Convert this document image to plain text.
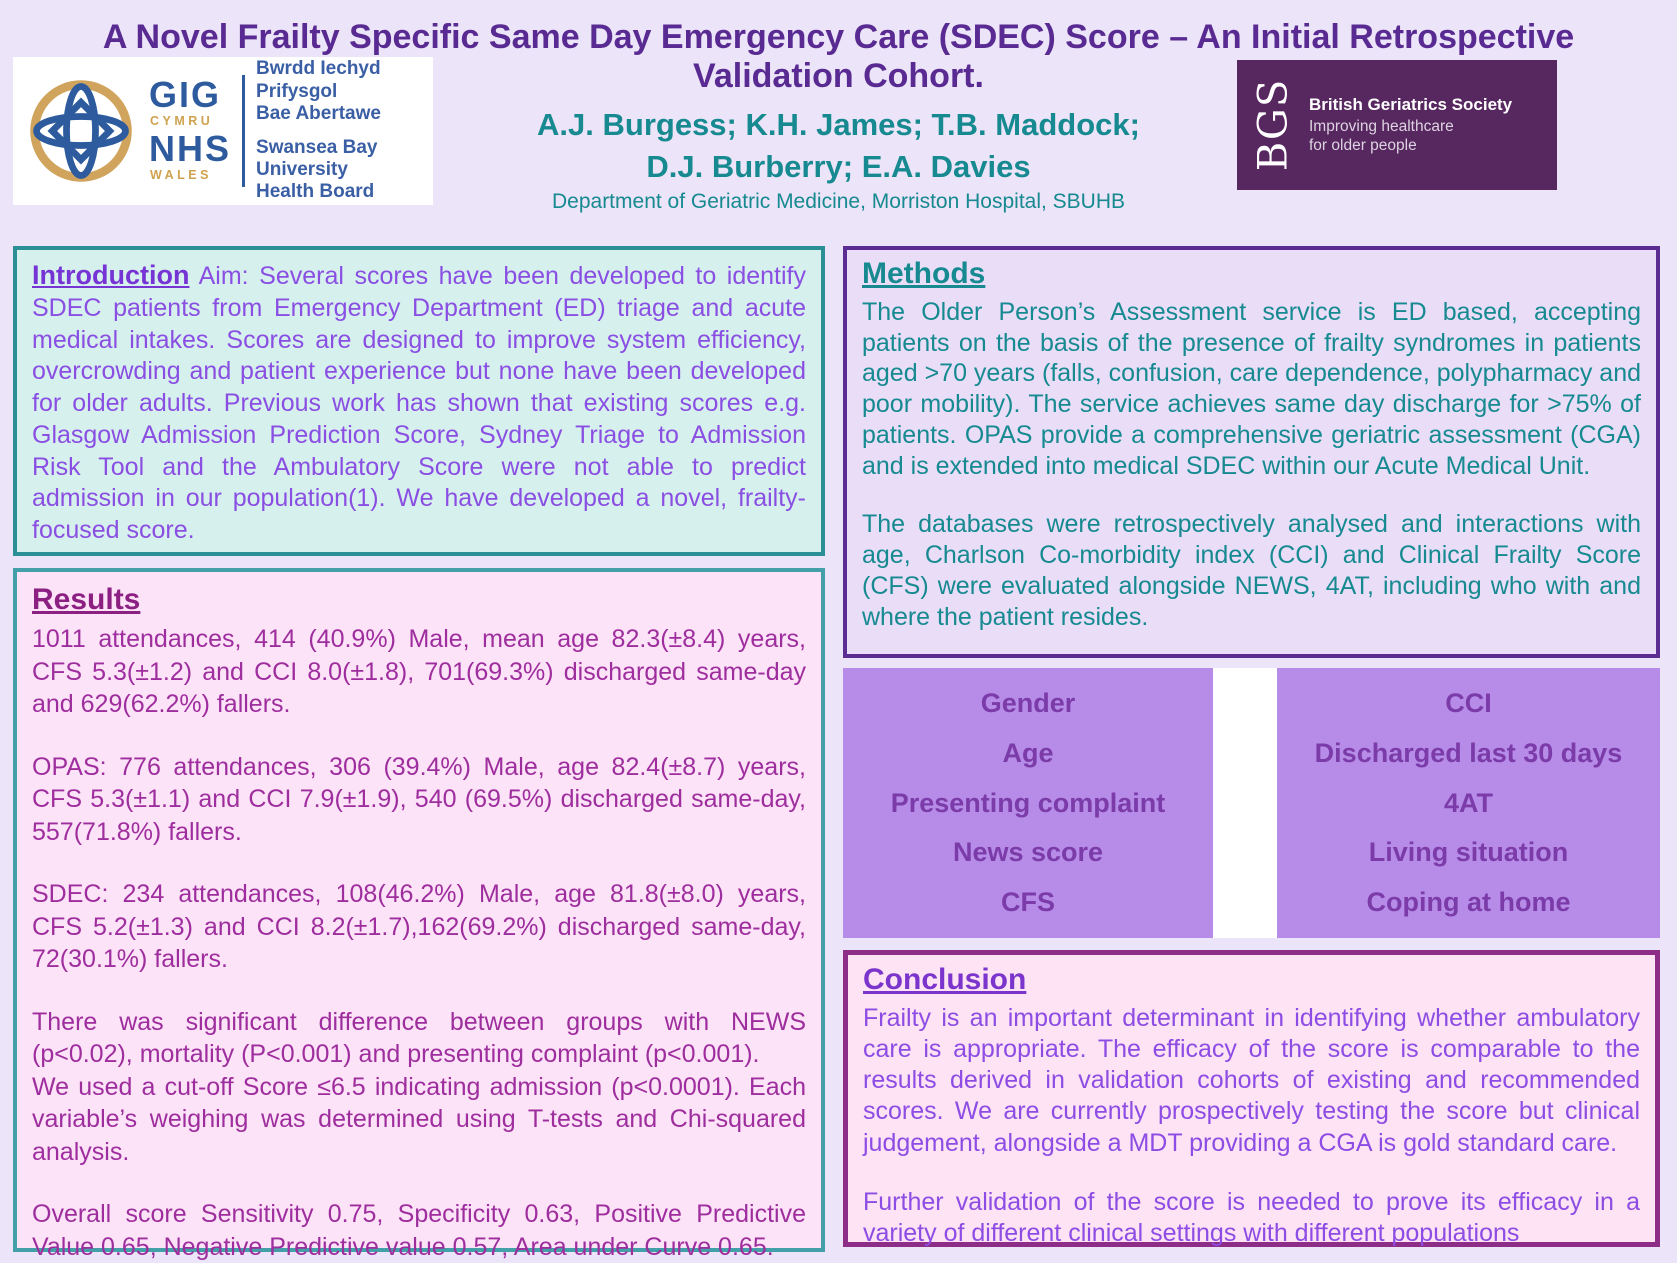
A Novel Frailty Specific Same Day Emergency Care (SDEC) Score – An Initial Retrospective
Validation Cohort.
A.J. Burgess; K.H. James; T.B. Maddock;
D.J. Burberry; E.A. Davies
Department of Geriatric Medicine, Morriston Hospital, SBUHB
GIG
CYMRU
NHS
WALES
Bwrdd Iechyd Prifysgol
Bae Abertawe
Swansea Bay University
Health Board
BGS British Geriatrics Society
Improving healthcare
for older people

Introduction Aim: Several scores have been developed to identify SDEC patients from Emergency Department (ED) triage and acute medical intakes. Scores are designed to improve system efficiency, overcrowding and patient experience but none have been developed for older adults. Previous work has shown that existing scores e.g. Glasgow Admission Prediction Score, Sydney Triage to Admission Risk Tool and the Ambulatory Score were not able to predict admission in our population(1). We have developed a novel, frailty-focused score.

Results

1011 attendances, 414 (40.9%) Male, mean age 82.3(±8.4) years, CFS 5.3(±1.2) and CCI 8.0(±1.8), 701(69.3%) discharged same-day and 629(62.2%) fallers.

OPAS: 776 attendances, 306 (39.4%) Male, age 82.4(±8.7) years, CFS 5.3(±1.1) and CCI 7.9(±1.9), 540 (69.5%) discharged same-day, 557(71.8%) fallers.

SDEC: 234 attendances, 108(46.2%) Male, age 81.8(±8.0) years, CFS 5.2(±1.3) and CCI 8.2(±1.7),162(69.2%) discharged same-day, 72(30.1%) fallers.

There was significant difference between groups with NEWS (p<0.02), mortality (P<0.001) and presenting complaint (p<0.001).

We used a cut-off Score ≤6.5 indicating admission (p<0.0001). Each variable’s weighing was determined using T-tests and Chi-squared analysis.

Overall score Sensitivity 0.75, Specificity 0.63, Positive Predictive Value 0.65, Negative Predictive value 0.57, Area under Curve 0.65.

Methods

The Older Person’s Assessment service is ED based, accepting patients on the basis of the presence of frailty syndromes in patients aged >70 years (falls, confusion, care dependence, polypharmacy and poor mobility). The service achieves same day discharge for >75% of patients. OPAS provide a comprehensive geriatric assessment (CGA) and is extended into medical SDEC within our Acute Medical Unit.

The databases were retrospectively analysed and interactions with age, Charlson Co-morbidity index (CCI) and Clinical Frailty Score (CFS) were evaluated alongside NEWS, 4AT, including who with and where the patient resides.

Gender
Age
Presenting complaint
News score
CFS
CCI
Discharged last 30 days
4AT
Living situation
Coping at home
Conclusion

Frailty is an important determinant in identifying whether ambulatory care is appropriate. The efficacy of the score is comparable to the results derived in validation cohorts of existing and recommended scores. We are currently prospectively testing the score but clinical judgement, alongside a MDT providing a CGA is gold standard care.

Further validation of the score is needed to prove its efficacy in a variety of different clinical settings with different populations
